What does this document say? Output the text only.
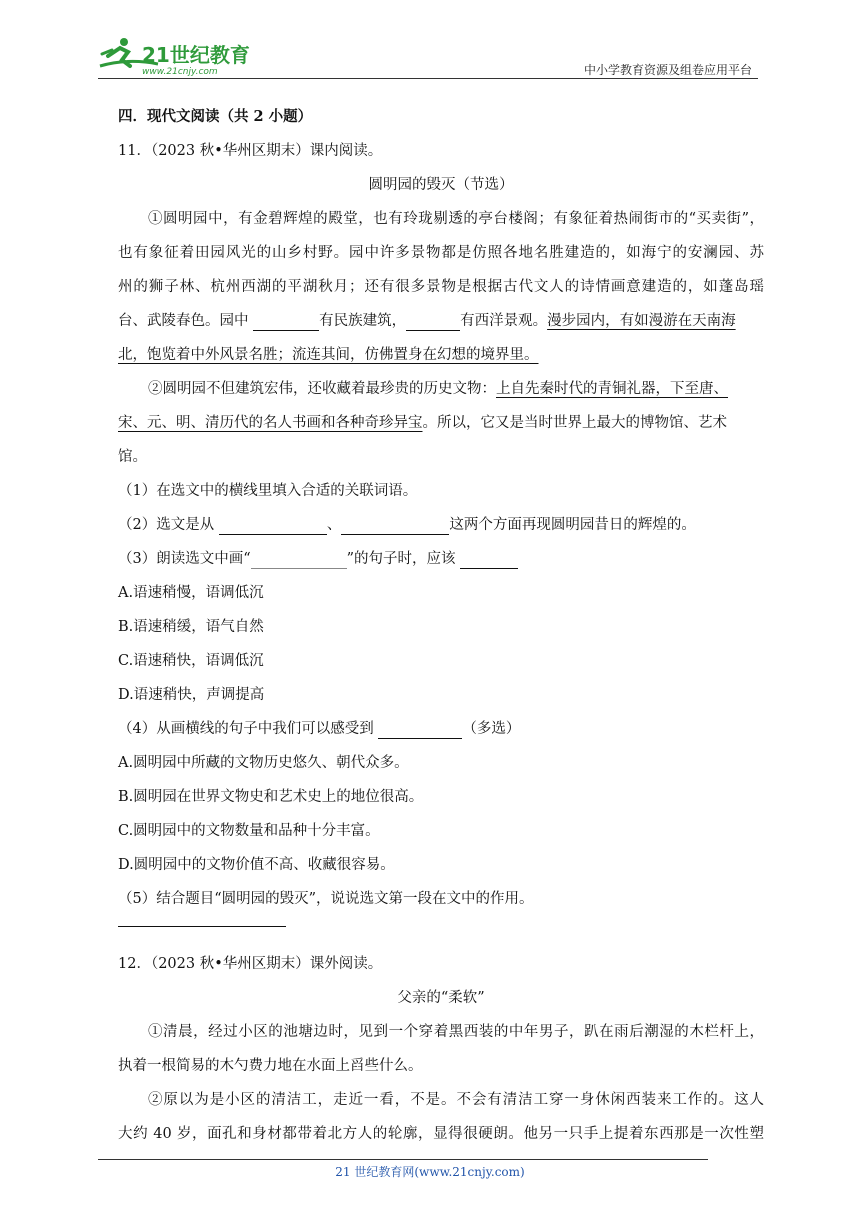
21世纪教育
www.21cnjy.com	中小学教育资源及组卷应用平台
四．现代文阅读（共 2 小题）
11．（2023 秋•华州区期末）课内阅读。
圆明园的毁灭（节选）
①圆明园中，有金碧辉煌的殿堂，也有玲珑剔透的亭台楼阁；有象征着热闹街市的“买卖街”，
也有象征着田园风光的山乡村野。园中许多景物都是仿照各地名胜建造的，如海宁的安澜园、苏
州的狮子林、杭州西湖的平湖秋月；还有很多景物是根据古代文人的诗情画意建造的，如蓬岛瑶
台、武陵春色。园中	有民族建筑，	有西洋景观。漫步园内，有如漫游在天南海
北，饱览着中外风景名胜；流连其间，仿佛置身在幻想的境界里。
②圆明园不但建筑宏伟，还收藏着最珍贵的历史文物：上自先秦时代的青铜礼器，下至唐、
宋、元、明、清历代的名人书画和各种奇珍异宝。所以，它又是当时世界上最大的博物馆、艺术
馆。
（1）在选文中的横线里填入合适的关联词语。
（2）选文是从	、	这两个方面再现圆明园昔日的辉煌的。
（3）朗读选文中画“	”的句子时，应该
A.语速稍慢，语调低沉
B.语速稍缓，语气自然
C.语速稍快，语调低沉
D.语速稍快，声调提高
（4）从画横线的句子中我们可以感受到	（多选）
A.圆明园中所藏的文物历史悠久、朝代众多。
B.圆明园在世界文物史和艺术史上的地位很高。
C.圆明园中的文物数量和品种十分丰富。
D.圆明园中的文物价值不高、收藏很容易。
（5）结合题目“圆明园的毁灭”，说说选文第一段在文中的作用。
12．（2023 秋•华州区期末）课外阅读。
父亲的“柔软”
①清晨，经过小区的池塘边时，见到一个穿着黑西装的中年男子，趴在雨后潮湿的木栏杆上，
执着一根简易的木勺费力地在水面上舀些什么。
②原以为是小区的清洁工，走近一看，不是。不会有清洁工穿一身休闲西装来工作的。这人
大约 40 岁，面孔和身材都带着北方人的轮廓，显得很硬朗。他另一只手上提着东西那是一次性塑
21 世纪教育网(www.21cnjy.com)
